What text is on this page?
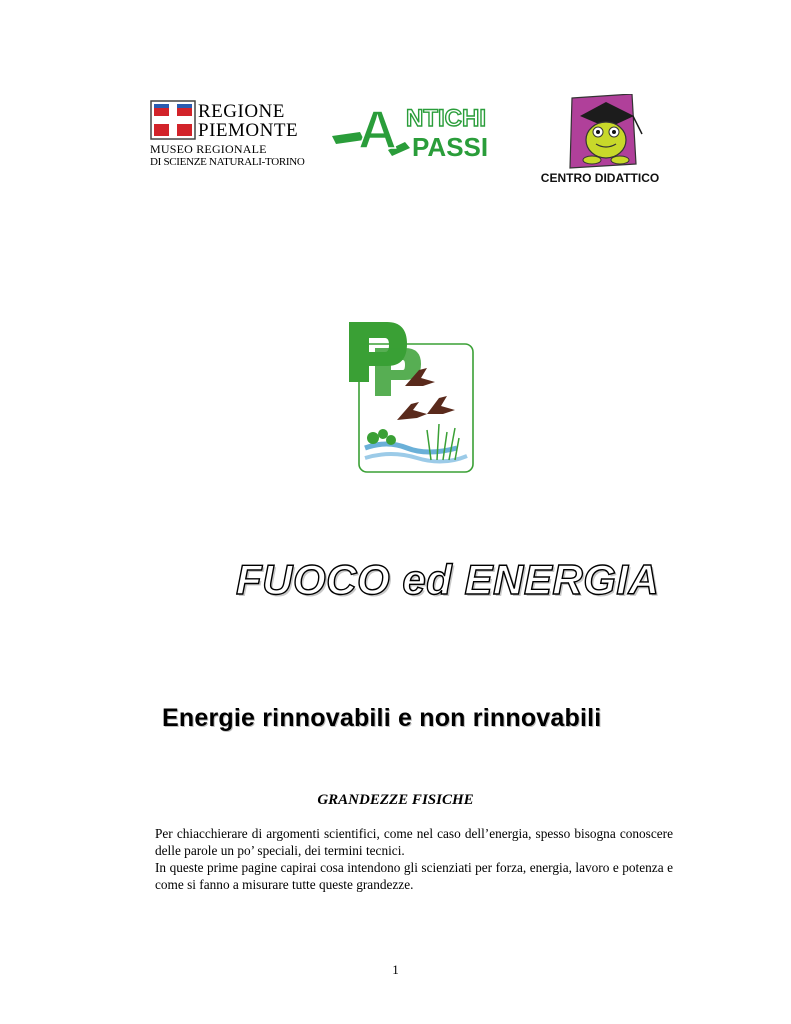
REGIONE
PIEMONTE
MUSEO REGIONALE
DI SCIENZE NATURALI-TORINO
A NTICHI
PASSI
CENTRO DIDATTICO
FUOCO ed ENERGIA
Energie rinnovabili e non rinnovabili
GRANDEZZE FISICHE
Per chiacchierare di argomenti scientifici, come nel caso dell’energia, spesso bisogna conoscere delle parole un po’ speciali, dei termini tecnici.
In queste prime pagine capirai cosa intendono gli scienziati per forza, energia, lavoro e potenza e come si fanno a misurare tutte queste grandezze.
1
